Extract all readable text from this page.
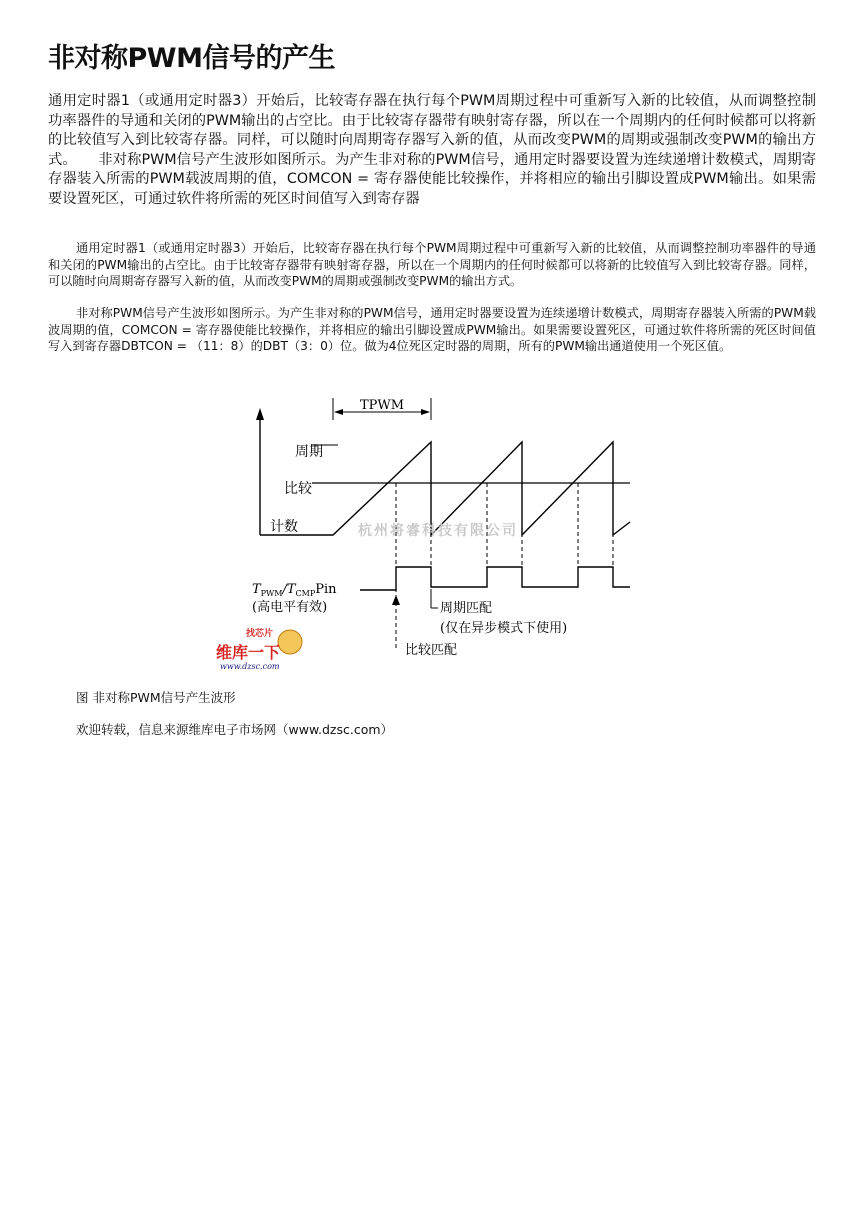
非对称PWM信号的产生

通用定时器1（或通用定时器3）开始后，比较寄存器在执行每个PWM周期过程中可重新写入新的比较值，从而调整控制功率器件的导通和关闭的PWM输出的占空比。由于比较寄存器带有映射寄存器，所以在一个周期内的任何时候都可以将新的比较值写入到比较寄存器。同样，可以随时向周期寄存器写入新的值，从而改变PWM的周期或强制改变PWM的输出方式。　　非对称PWM信号产生波形如图所示。为产生非对称的PWM信号，通用定时器要设置为连续递增计数模式，周期寄存器装入所需的PWM载波周期的值，COMCON = 寄存器使能比较操作，并将相应的输出引脚设置成PWM输出。如果需要设置死区，可通过软件将所需的死区时间值写入到寄存器

通用定时器1（或通用定时器3）开始后，比较寄存器在执行每个PWM周期过程中可重新写入新的比较值，从而调整控制功率器件的导通和关闭的PWM输出的占空比。由于比较寄存器带有映射寄存器，所以在一个周期内的任何时候都可以将新的比较值写入到比较寄存器。同样，可以随时向周期寄存器写入新的值，从而改变PWM的周期或强制改变PWM的输出方式。

非对称PWM信号产生波形如图所示。为产生非对称的PWM信号，通用定时器要设置为连续递增计数模式，周期寄存器装入所需的PWM载波周期的值，COMCON = 寄存器使能比较操作，并将相应的输出引脚设置成PWM输出。如果需要设置死区，可通过软件将所需的死区时间值写入到寄存器DBTCON = （11：8）的DBT（3：0）位。做为4位死区定时器的周期，所有的PWM输出通道使用一个死区值。

TPWM
周期
比较
计数
$T_{PWM}/T_{CMP}Pin$
(高电平有效)	周期匹配
(仅在异步模式下使用)
比较匹配
杭州将睿科技有限公司
找芯片
维库一下
www.dzsc.com

图 非对称PWM信号产生波形

欢迎转载，信息来源维库电子市场网（www.dzsc.com）
